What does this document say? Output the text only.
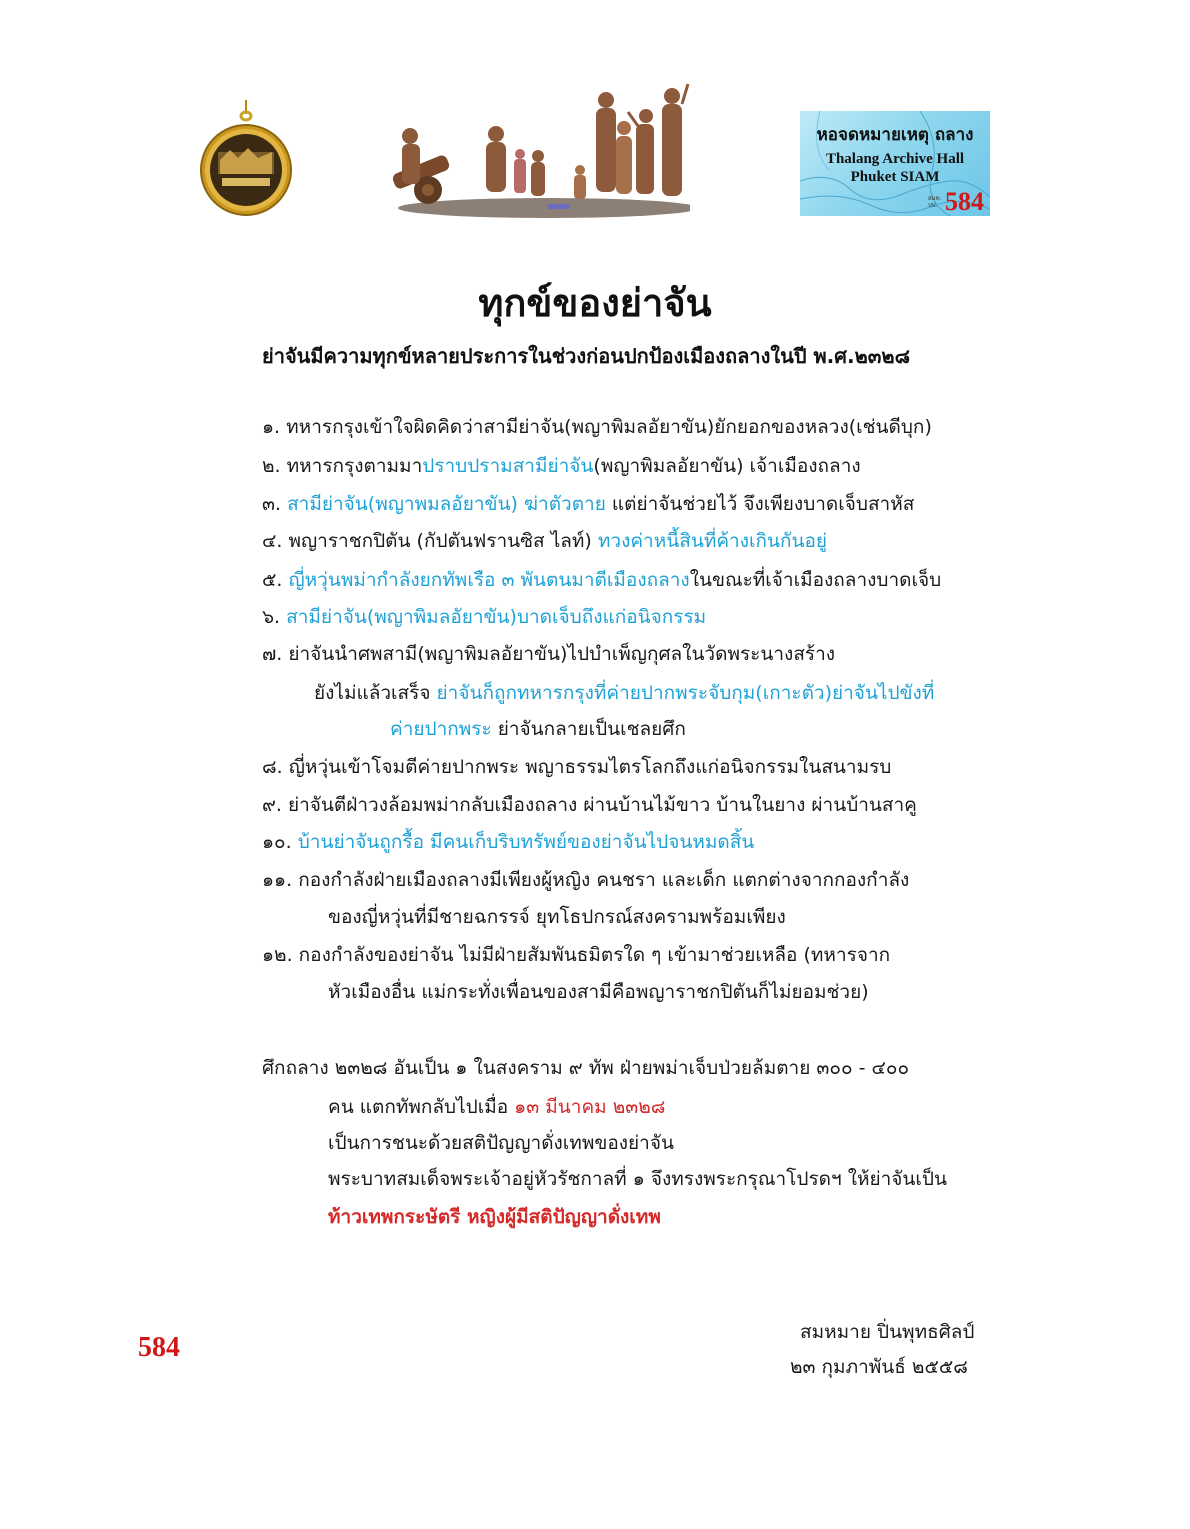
หอจดหมายเหตุ ถลาง
Thalang Archive Hall
Phuket SIAM
สมท.
ปป. 584
ทุกข์ของย่าจัน
ย่าจันมีความทุกข์หลายประการในช่วงก่อนปกป้องเมืองถลางในปี พ.ศ.๒๓๒๘
๑. ทหารกรุงเข้าใจผิดคิดว่าสามีย่าจัน(พญาพิมลอัยาขัน)ยักยอกของหลวง(เช่นดีบุก)
๒. ทหารกรุงตามมาปราบปรามสามีย่าจัน(พญาพิมลอัยาขัน) เจ้าเมืองถลาง
๓. สามีย่าจัน(พญาพมลอัยาขัน) ฆ่าตัวตาย แต่ย่าจันช่วยไว้ จึงเพียงบาดเจ็บสาหัส
๔. พญาราชกปิตัน (กัปตันฟรานซิส ไลท์) ทวงค่าหนี้สินที่ค้างเกินกันอยู่
๕. ญี่หวุ่นพม่ากำลังยกทัพเรือ ๓ พันตนมาตีเมืองถลางในขณะที่เจ้าเมืองถลางบาดเจ็บ
๖. สามีย่าจัน(พญาพิมลอัยาขัน)บาดเจ็บถึงแก่อนิจกรรม
๗. ย่าจันนำศพสามี(พญาพิมลอัยาขัน)ไปบำเพ็ญกุศลในวัดพระนางสร้าง
ยังไม่แล้วเสร็จ ย่าจันก็ถูกทหารกรุงที่ค่ายปากพระจับกุม(เกาะตัว)ย่าจันไปขังที่
ค่ายปากพระ ย่าจันกลายเป็นเชลยศึก
๘. ญี่หวุ่นเข้าโจมตีค่ายปากพระ พญาธรรมไตรโลกถึงแก่อนิจกรรมในสนามรบ
๙. ย่าจันตีฝ่าวงล้อมพม่ากลับเมืองถลาง ผ่านบ้านไม้ขาว บ้านในยาง ผ่านบ้านสาคู
๑๐. บ้านย่าจันถูกรื้อ มีคนเก็บริบทรัพย์ของย่าจันไปจนหมดสิ้น
๑๑. กองกำลังฝ่ายเมืองถลางมีเพียงผู้หญิง คนชรา และเด็ก แตกต่างจากกองกำลัง
ของญี่หวุ่นที่มีชายฉกรรจ์ ยุทโธปกรณ์สงครามพร้อมเพียง
๑๒. กองกำลังของย่าจัน ไม่มีฝ่ายสัมพันธมิตรใด ๆ เข้ามาช่วยเหลือ (ทหารจาก
หัวเมืองอื่น แม่กระทั่งเพื่อนของสามีคือพญาราชกปิตันก็ไม่ยอมช่วย)
ศึกถลาง ๒๓๒๘ อันเป็น ๑ ในสงคราม ๙ ทัพ ฝ่ายพม่าเจ็บป่วยล้มตาย ๓๐๐ - ๔๐๐
คน แตกทัพกลับไปเมื่อ ๑๓ มีนาคม ๒๓๒๘
เป็นการชนะด้วยสติปัญญาดั่งเทพของย่าจัน
พระบาทสมเด็จพระเจ้าอยู่หัวรัชกาลที่ ๑ จึงทรงพระกรุณาโปรดฯ ให้ย่าจันเป็น
ท้าวเทพกระษัตรี หญิงผู้มีสติปัญญาดั่งเทพ
584	สมหมาย ปิ่นพุทธศิลป์
๒๓ กุมภาพันธ์ ๒๕๕๘
